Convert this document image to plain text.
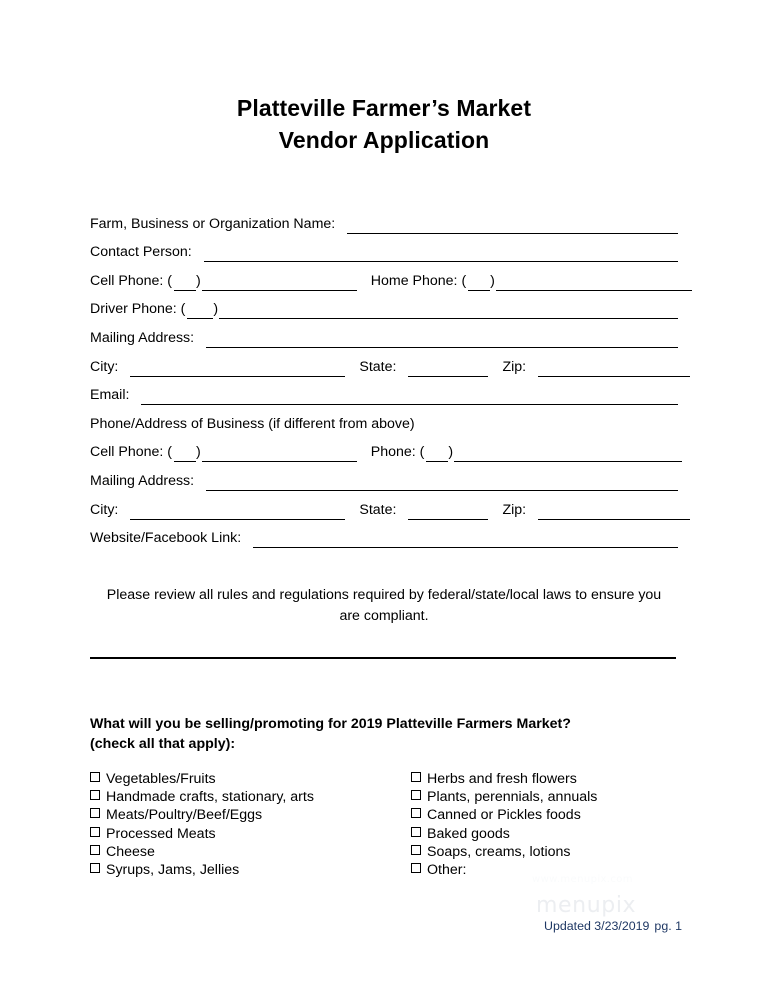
Platteville Farmer’s Market
Vendor Application
Farm, Business or Organization Name:
Contact Person:
Cell Phone: ( )	Home Phone: ( )
Driver Phone: ( )
Mailing Address:
City:	State:	Zip:
Email:
Phone/Address of Business (if different from above)
Cell Phone: ( )	Phone: ( )
Mailing Address:
City:	State:	Zip:
Website/Facebook Link:
Please review all rules and regulations required by federal/state/local laws to ensure you are compliant.
What will you be selling/promoting for 2019 Platteville Farmers Market? (check all that apply):
Vegetables/Fruits
Handmade crafts, stationary, arts
Meats/Poultry/Beef/Eggs
Processed Meats
Cheese
Syrups, Jams, Jellies
Herbs and fresh flowers
Plants, perennials, annuals
Canned or Pickles foods
Baked goods
Soaps, creams, lotions
Other:
www.menupix.com
menupix
Updated 3/23/2019 pg. 1
